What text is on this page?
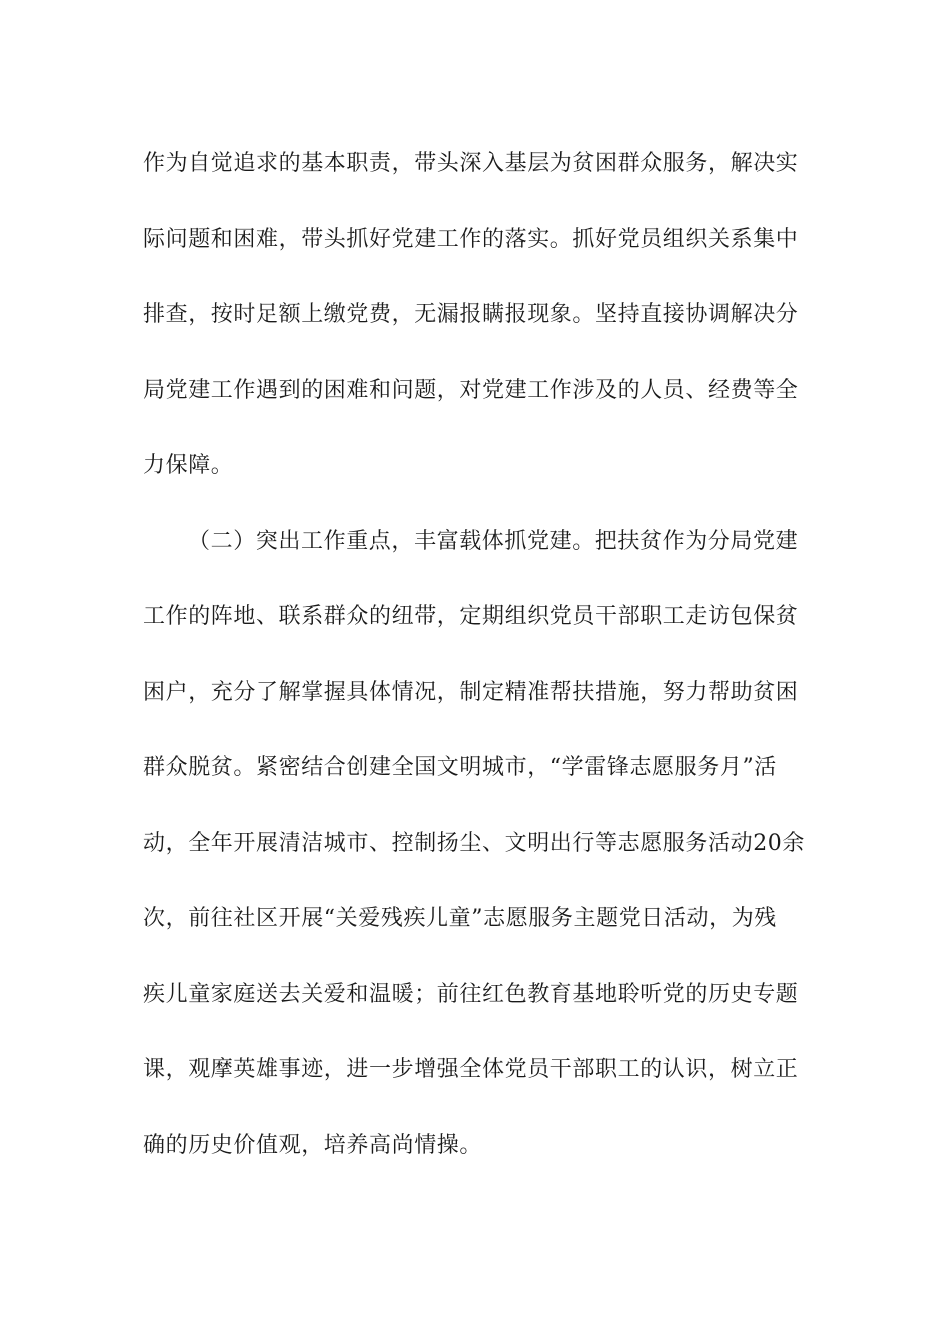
作为自觉追求的基本职责，带头深入基层为贫困群众服务，解决实
际问题和困难，带头抓好党建工作的落实。抓好党员组织关系集中
排查，按时足额上缴党费，无漏报瞒报现象。坚持直接协调解决分
局党建工作遇到的困难和问题，对党建工作涉及的人员、经费等全
力保障。
（二）突出工作重点，丰富载体抓党建。把扶贫作为分局党建
工作的阵地、联系群众的纽带，定期组织党员干部职工走访包保贫
困户，充分了解掌握具体情况，制定精准帮扶措施，努力帮助贫困
群众脱贫。紧密结合创建全国文明城市，“学雷锋志愿服务月”活
动，全年开展清洁城市、控制扬尘、文明出行等志愿服务活动20余
次，前往社区开展“关爱残疾儿童”志愿服务主题党日活动，为残
疾儿童家庭送去关爱和温暖；前往红色教育基地聆听党的历史专题
课，观摩英雄事迹，进一步增强全体党员干部职工的认识，树立正
确的历史价值观，培养高尚情操。
